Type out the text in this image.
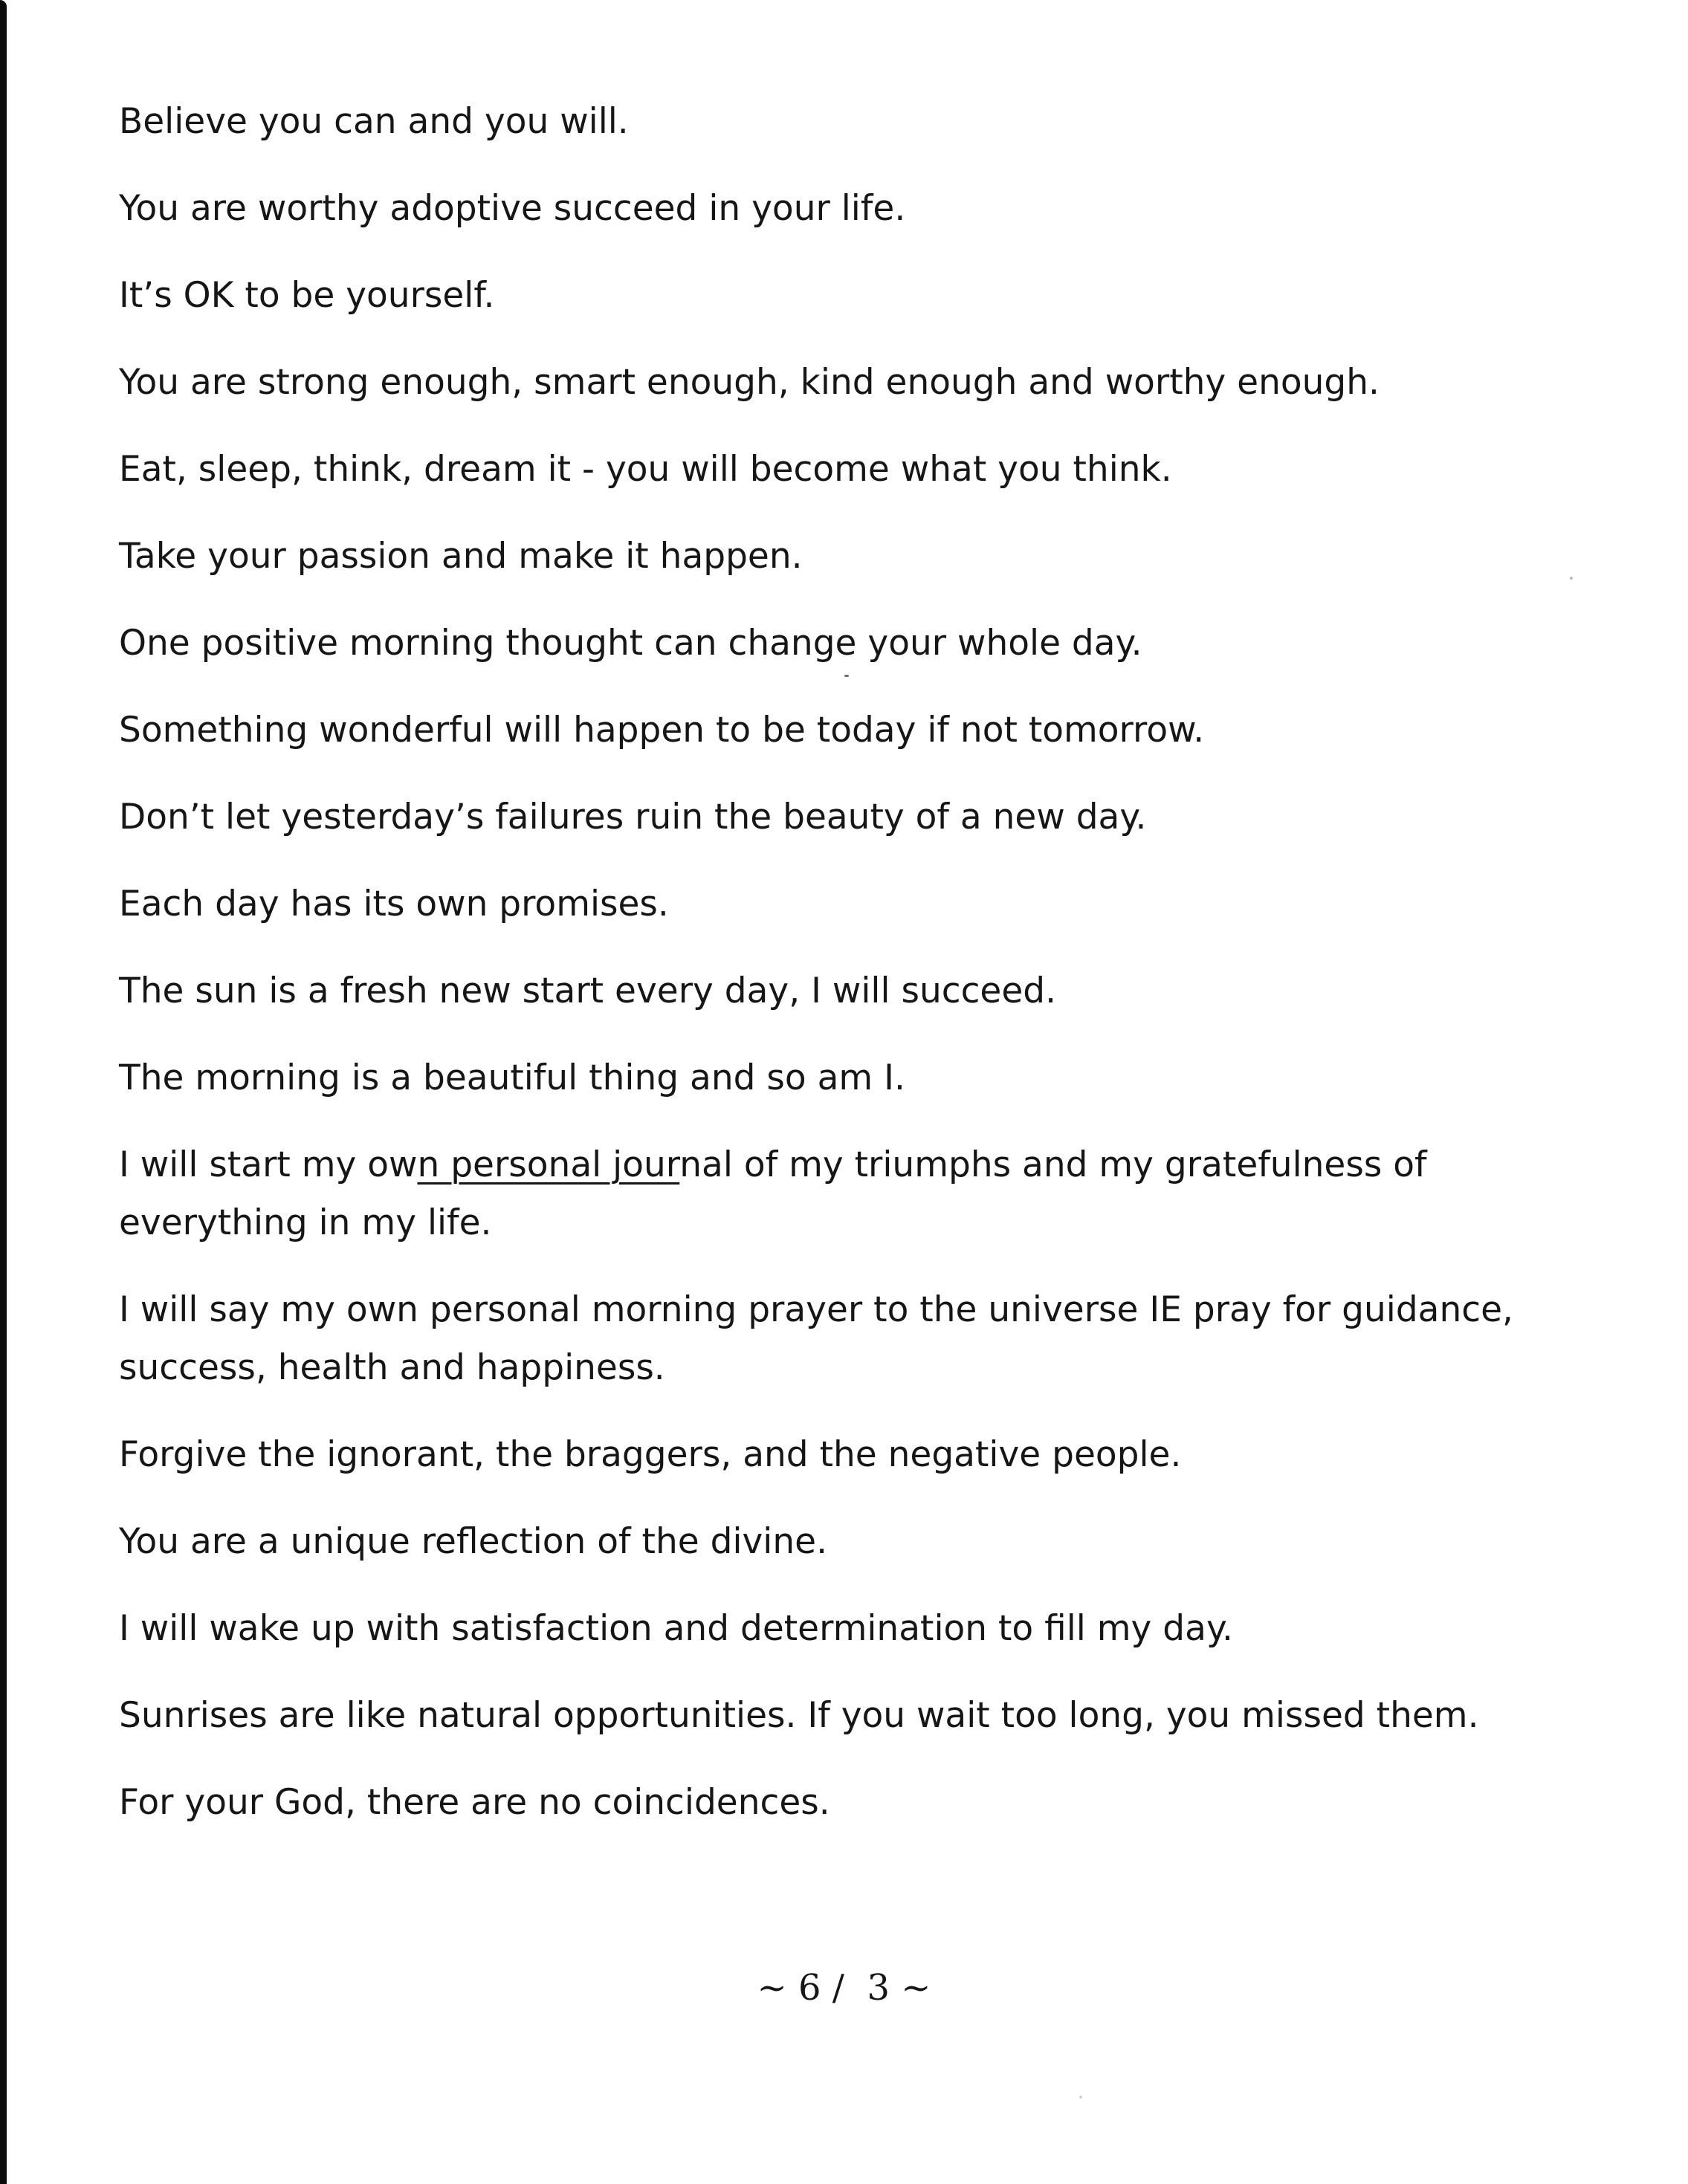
Believe you can and you will.

You are worthy adoptive succeed in your life.

It’s OK to be yourself.

You are strong enough, smart enough, kind enough and worthy enough.

Eat, sleep, think, dream it - you will become what you think.

Take your passion and make it happen.

One positive morning thought can change your whole day.

Something wonderful will happen to be today if not tomorrow.

Don’t let yesterday’s failures ruin the beauty of a new day.

Each day has its own promises.

The sun is a fresh new start every day, I will succeed.

The morning is a beautiful thing and so am I.

I will start my own personal journal of my triumphs and my gratefulness of

everything in my life.

I will say my own personal morning prayer to the universe IE pray for guidance,

success, health and happiness.

Forgive the ignorant, the braggers, and the negative people.

You are a unique reflection of the divine.

I will wake up with satisfaction and determination to fill my day.

Sunrises are like natural opportunities. If you wait too long, you missed them.

For your God, there are no coincidences.

~ 6 /  3 ~
